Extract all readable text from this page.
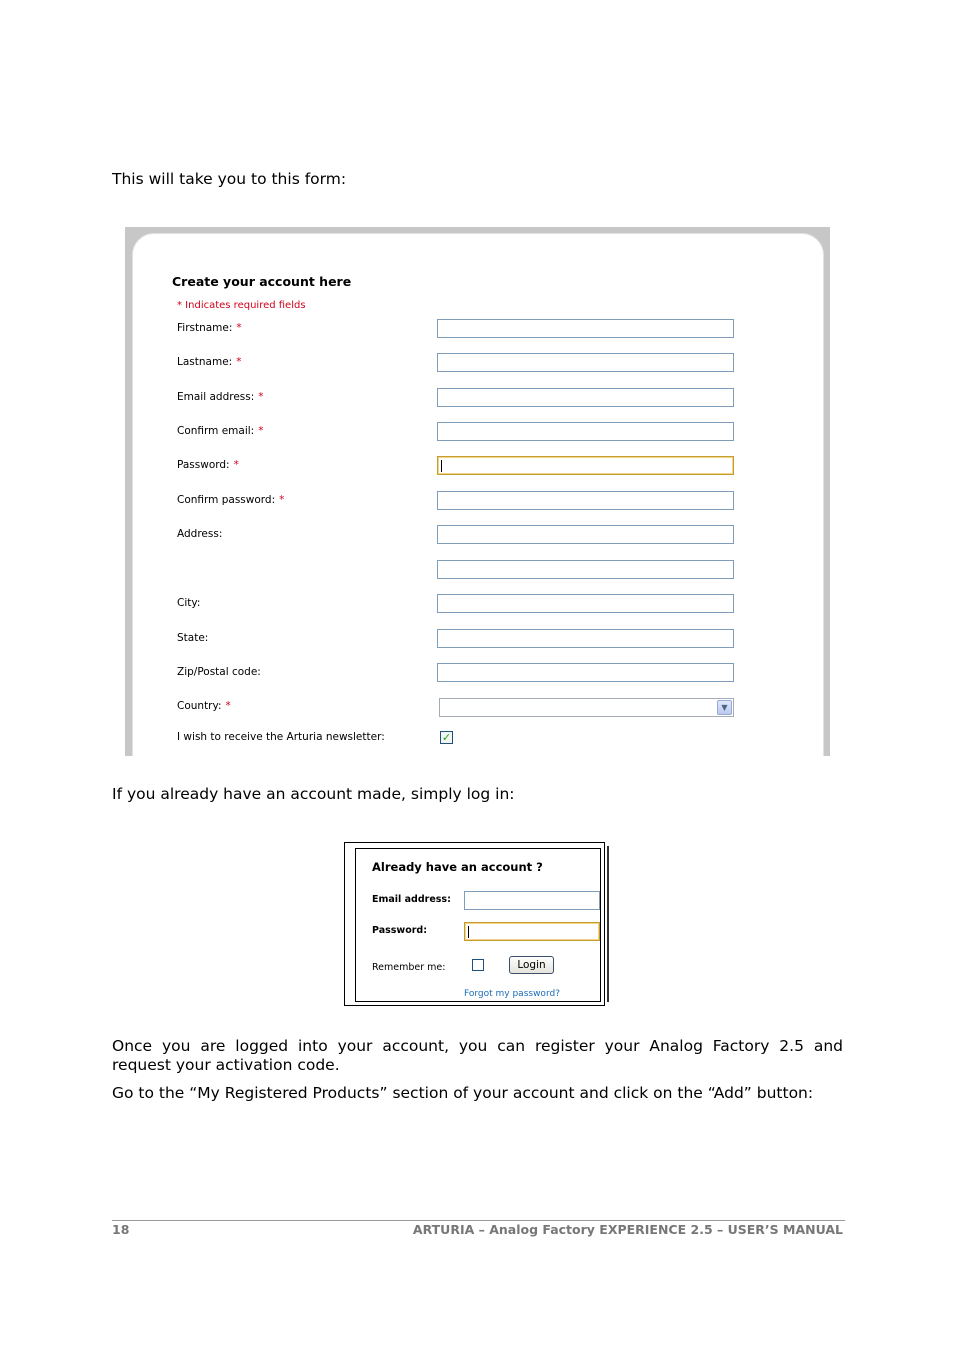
This will take you to this form:

Create your account here
* Indicates required fields
Firstname: *
Lastname: *
Email address: *
Confirm email: *
Password: *
Confirm password: *
Address:
City:
State:
Zip/Postal code:
Country: *	▼
I wish to receive the Arturia newsletter:	✓

If you already have an account made, simply log in:

Already have an account ?
Email address:
Password:
Remember me:	Login
Forgot my password?

Once you are logged into your account, you can register your Analog Factory 2.5 and

request your activation code.

Go to the “My Registered Products” section of your account and click on the “Add” button:

18	ARTURIA – Analog Factory EXPERIENCE 2.5 – USER’S MANUAL
